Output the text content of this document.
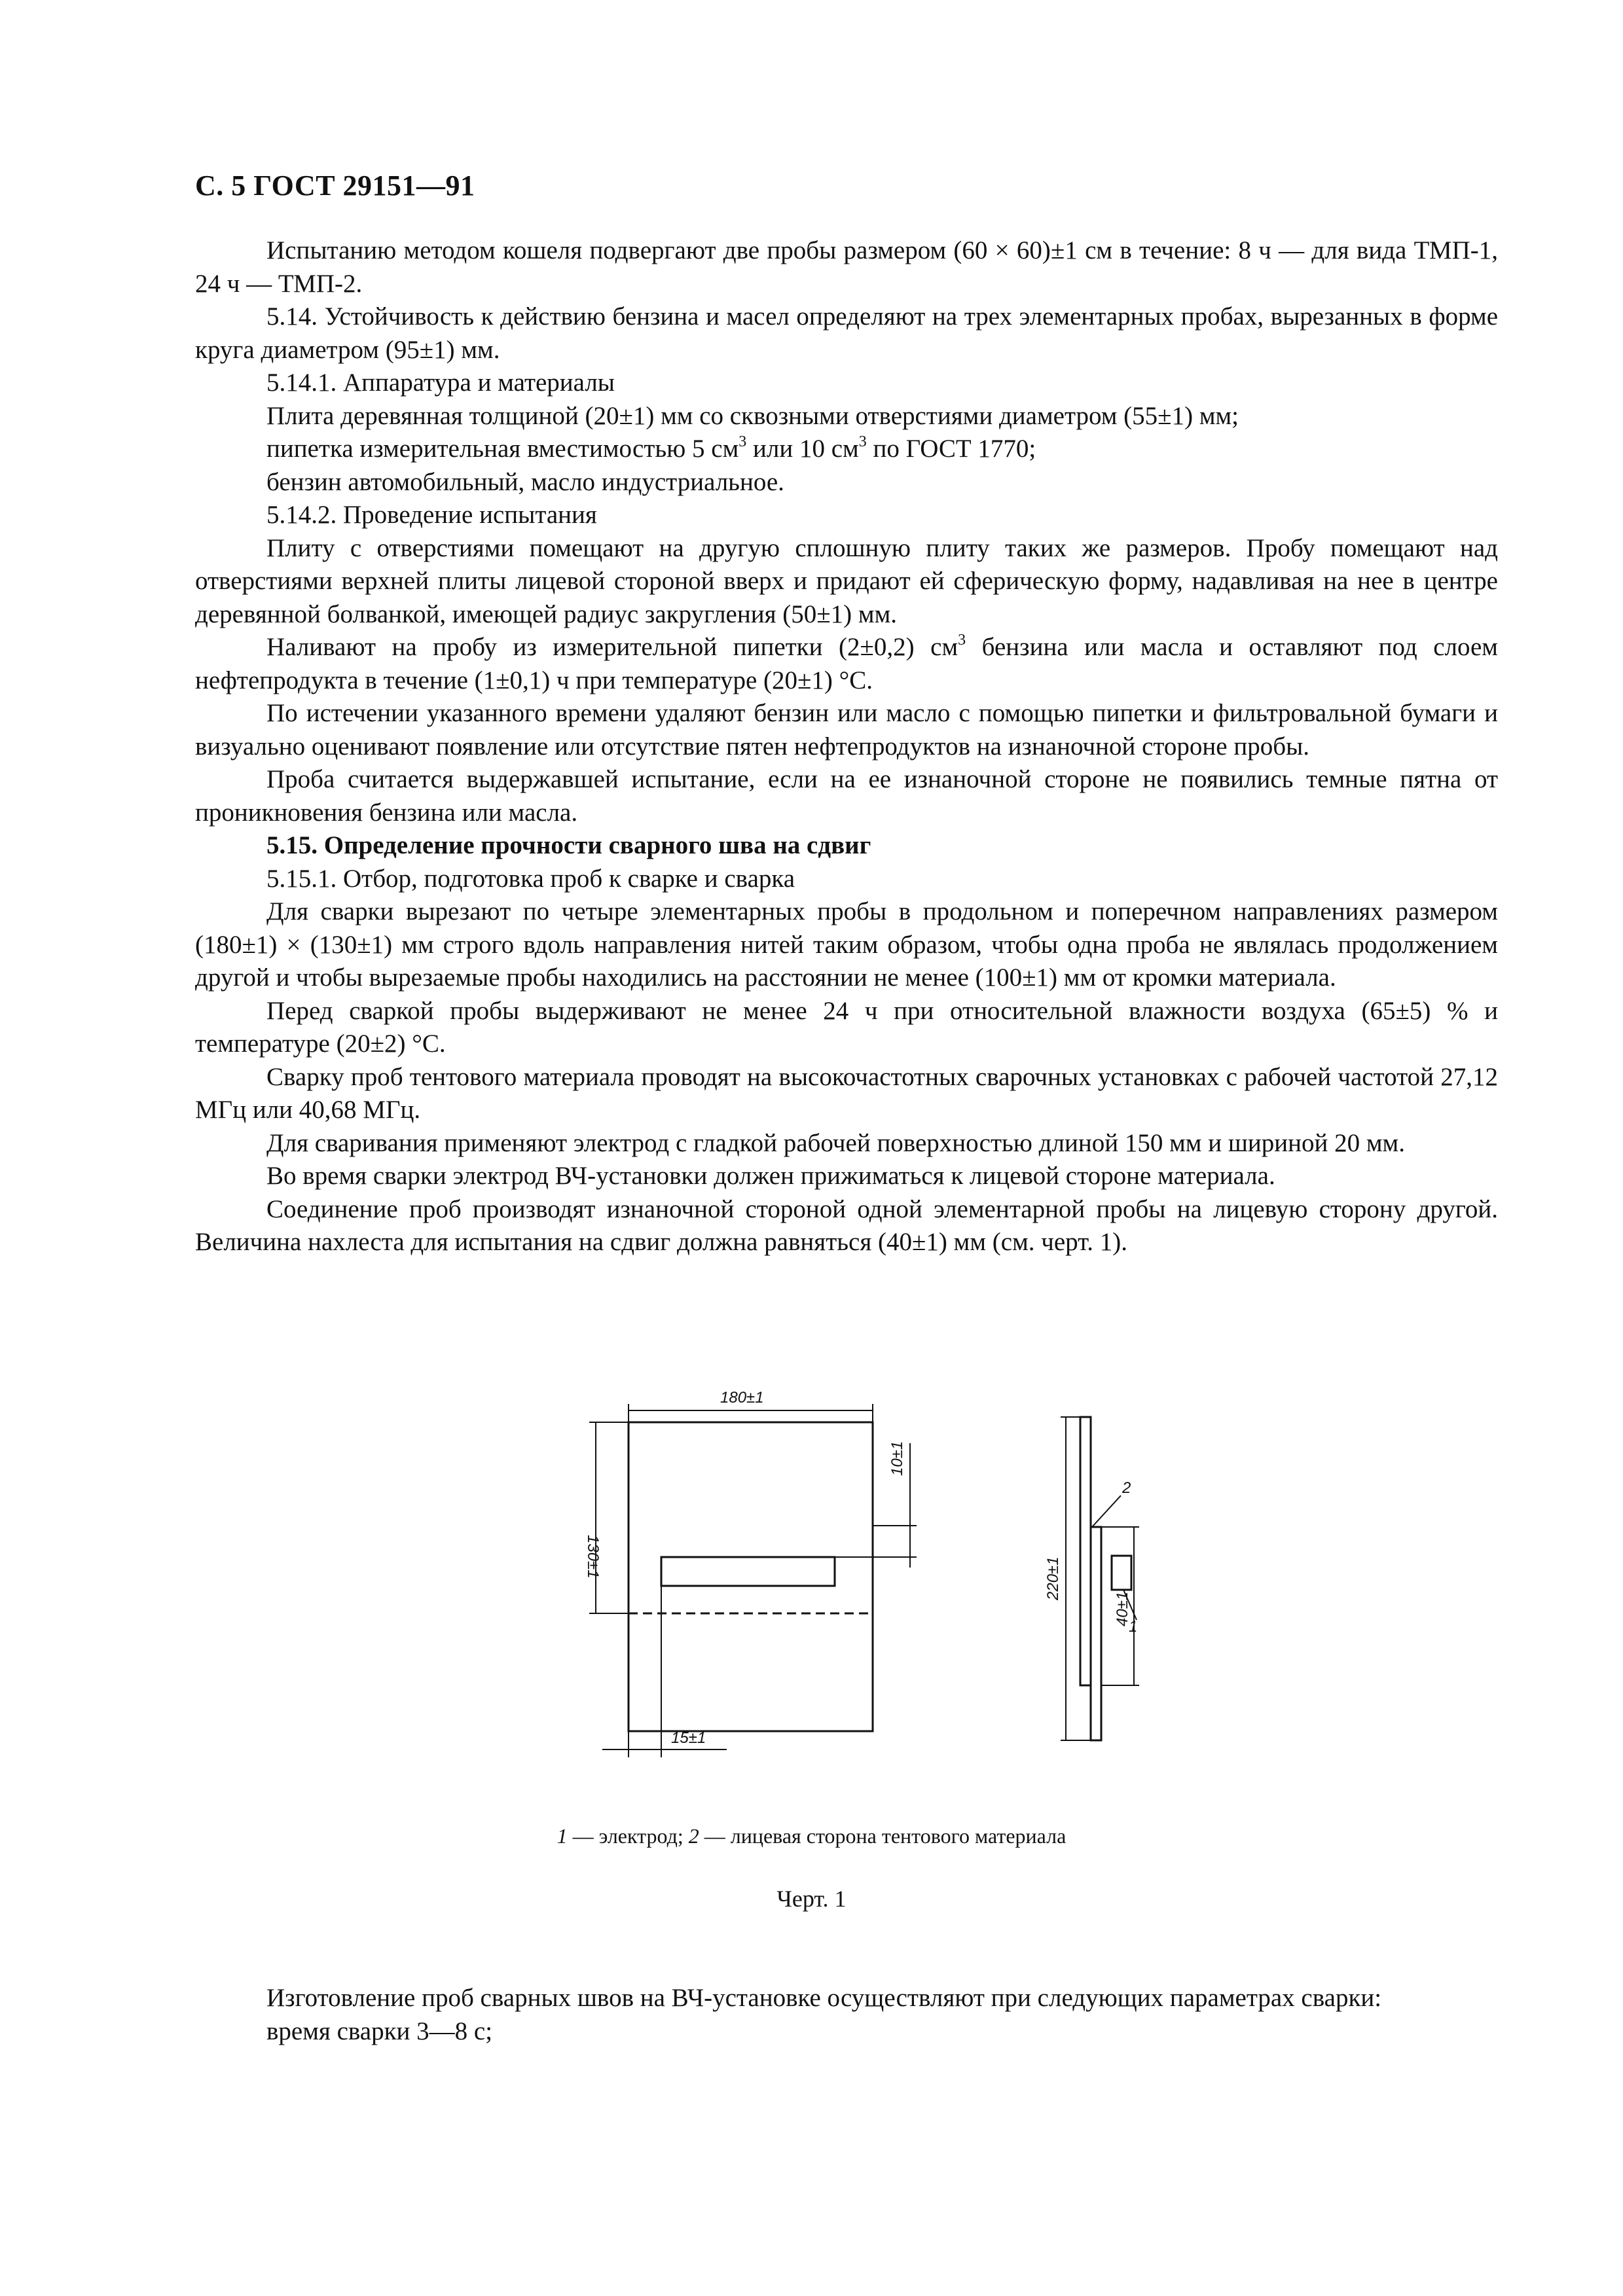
С. 5 ГОСТ 29151—91

Испытанию методом кошеля подвергают две пробы размером (60 × 60)±1 см в течение: 8 ч — для вида ТМП-1, 24 ч — ТМП-2.

5.14. Устойчивость к действию бензина и масел определяют на трех элементарных пробах, вырезанных в форме круга диаметром (95±1) мм.

5.14.1. Аппаратура и материалы

Плита деревянная толщиной (20±1) мм со сквозными отверстиями диаметром (55±1) мм;

пипетка измерительная вместимостью 5 $см^3$ или 10 $см^3$ по ГОСТ 1770;

бензин автомобильный, масло индустриальное.

5.14.2. Проведение испытания

Плиту с отверстиями помещают на другую сплошную плиту таких же размеров. Пробу помещают над отверстиями верхней плиты лицевой стороной вверх и придают ей сферическую форму, надавливая на нее в центре деревянной болванкой, имеющей радиус закругления (50±1) мм.

Наливают на пробу из измерительной пипетки (2±0,2) $см^3$ бензина или масла и оставляют под слоем нефтепродукта в течение (1±0,1) ч при температуре (20±1) °С.

По истечении указанного времени удаляют бензин или масло с помощью пипетки и фильтровальной бумаги и визуально оценивают появление или отсутствие пятен нефтепродуктов на изнаночной стороне пробы.

Проба считается выдержавшей испытание, если на ее изнаночной стороне не появились темные пятна от проникновения бензина или масла.

5.15. Определение прочности сварного шва на сдвиг

5.15.1. Отбор, подготовка проб к сварке и сварка

Для сварки вырезают по четыре элементарных пробы в продольном и поперечном направлениях размером (180±1) × (130±1) мм строго вдоль направления нитей таким образом, чтобы одна проба не являлась продолжением другой и чтобы вырезаемые пробы находились на расстоянии не менее (100±1) мм от кромки материала.

Перед сваркой пробы выдерживают не менее 24 ч при относительной влажности воздуха (65±5) % и температуре (20±2) °С.

Сварку проб тентового материала проводят на высокочастотных сварочных установках с рабочей частотой 27,12 МГц или 40,68 МГц.

Для сваривания применяют электрод с гладкой рабочей поверхностью длиной 150 мм и шириной 20 мм.

Во время сварки электрод ВЧ-установки должен прижиматься к лицевой стороне материала.

Соединение проб производят изнаночной стороной одной элементарной пробы на лицевую сторону другой. Величина нахлеста для испытания на сдвиг должна равняться (40±1) мм (см. черт. 1).

180±1
130±1
10±1
15±1
220±1
40±1
2
1
1 — электрод; 2 — лицевая сторона тентового материала
Черт. 1

Изготовление проб сварных швов на ВЧ-установке осуществляют при следующих параметрах сварки:

время сварки 3—8 с;
